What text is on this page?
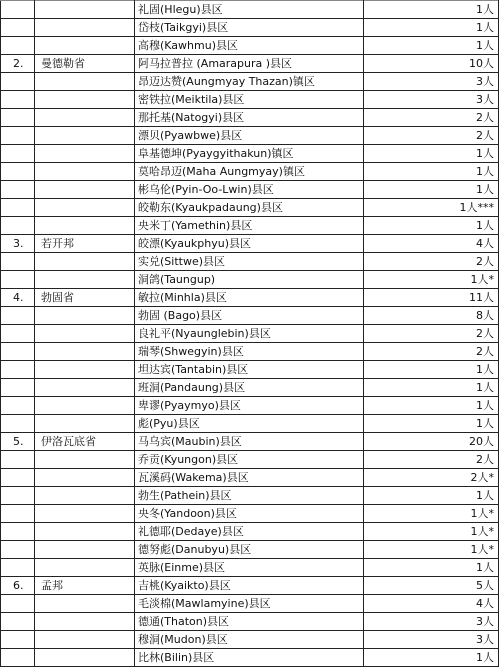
		礼固(Hlegu)县区	1人
		岱枝(Taikgyi)县区	1人
		高穆(Kawhmu)县区	1人
2.	曼德勒省	阿马拉普拉 (Amarapura )县区	10人
		昂迈达赞(Aungmyay Thazan)镇区	3人
		密铁拉(Meiktila)县区	3人
		那托基(Natogyi)县区	2人
		漂贝(Pyawbwe)县区	2人
		阜基德坤(Pyaygyithakun)镇区	1人
		莫哈昂迈(Maha Aungmyay)镇区	1人
		彬乌伦(Pyin-Oo-Lwin)县区	1人
		皎勒东(Kyaukpadaung)县区	1人***
		央米丁(Yamethin)县区	1人
3.	若开邦	皎漂(Kyaukphyu)县区	4人
		实兑(Sittwe)县区	2人
		洞鸽(Taungup)	1人*
4.	勃固省	敏拉(Minhla)县区	11人
		勃固 (Bago)县区	8人
		良礼平(Nyaunglebin)县区	2人
		瑞琴(Shwegyin)县区	2人
		坦达宾(Tantabin)县区	1人
		班洞(Pandaung)县区	1人
		卑谬(Pyaymyo)县区	1人
		彪(Pyu)县区	1人
5.	伊洛瓦底省	马乌宾(Maubin)县区	20人
		乔贡(Kyungon)县区	2人
		瓦溪码(Wakema)县区	2人*
		勃生(Pathein)县区	1人
		央冬(Yandoon)县区	1人*
		礼德耶(Dedaye)县区	1人*
		德努彪(Danubyu)县区	1人*
		英脉(Einme)县区	1人
6.	孟邦	吉桃(Kyaikto)县区	5人
		毛淡棉(Mawlamyine)县区	4人
		德通(Thaton)县区	3人
		穆洞(Mudon)县区	3人
		比林(Bilin)县区	1人
